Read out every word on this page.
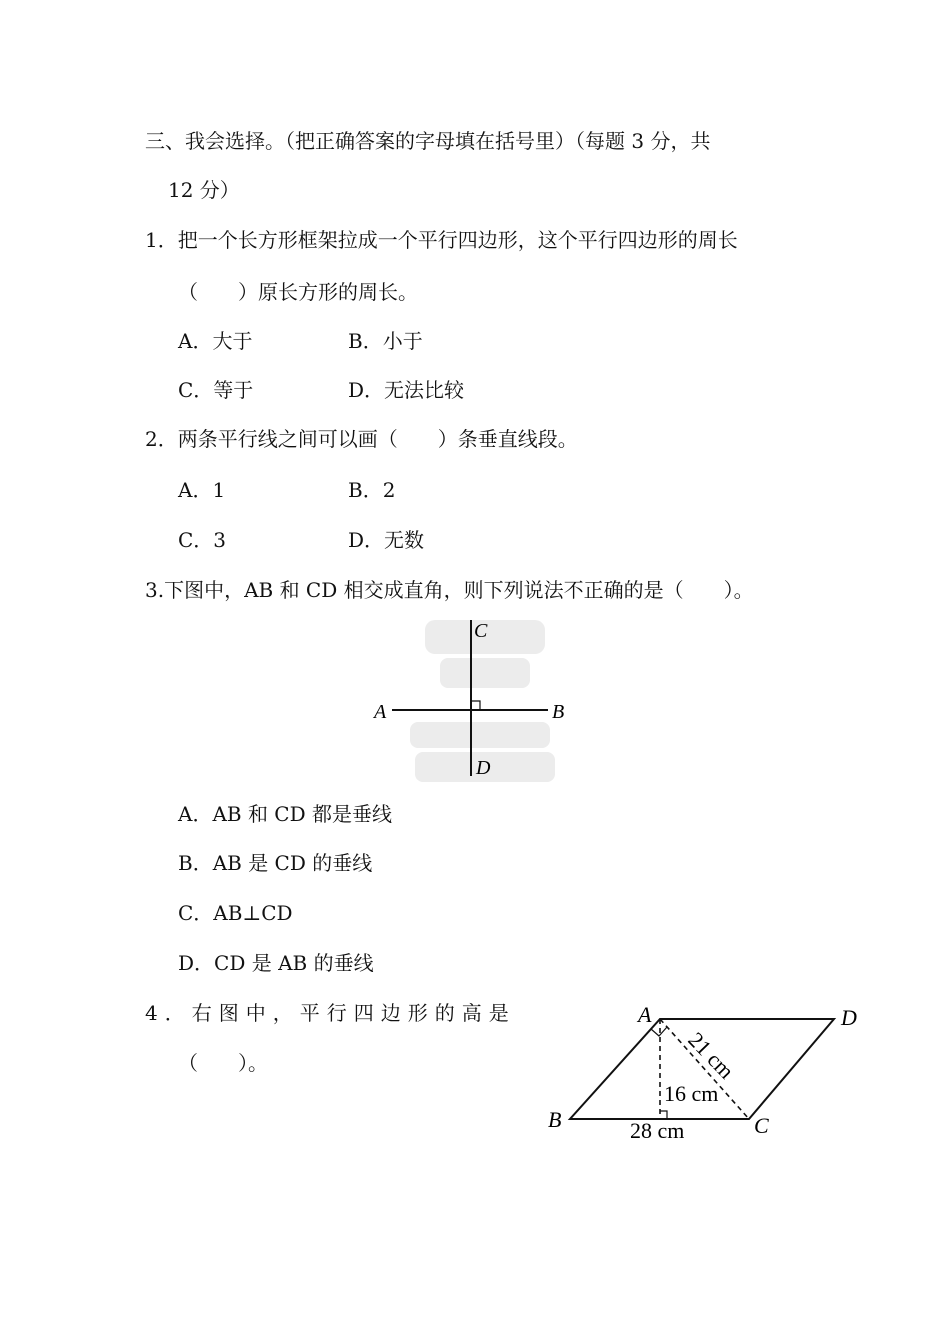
三、我会选择。（把正确答案的字母填在括号里）（每题 3 分，共
12 分）
1．把一个长方形框架拉成一个平行四边形，这个平行四边形的周长
（　　）原长方形的周长。
A．大于	B．小于
C．等于	D．无法比较
2．两条平行线之间可以画（　　）条垂直线段。
A．1	B．2
C．3	D．无数
3.下图中，AB 和 CD 相交成直角，则下列说法不正确的是（　　）。
A	B
C
D
A．AB 和 CD 都是垂线
B．AB 是 CD 的垂线
C．AB⊥CD
D．CD 是 AB 的垂线
4．右图中，平行四边形的高是
（　　）。
A	D
B	C
21 cm
16 cm
28 cm
